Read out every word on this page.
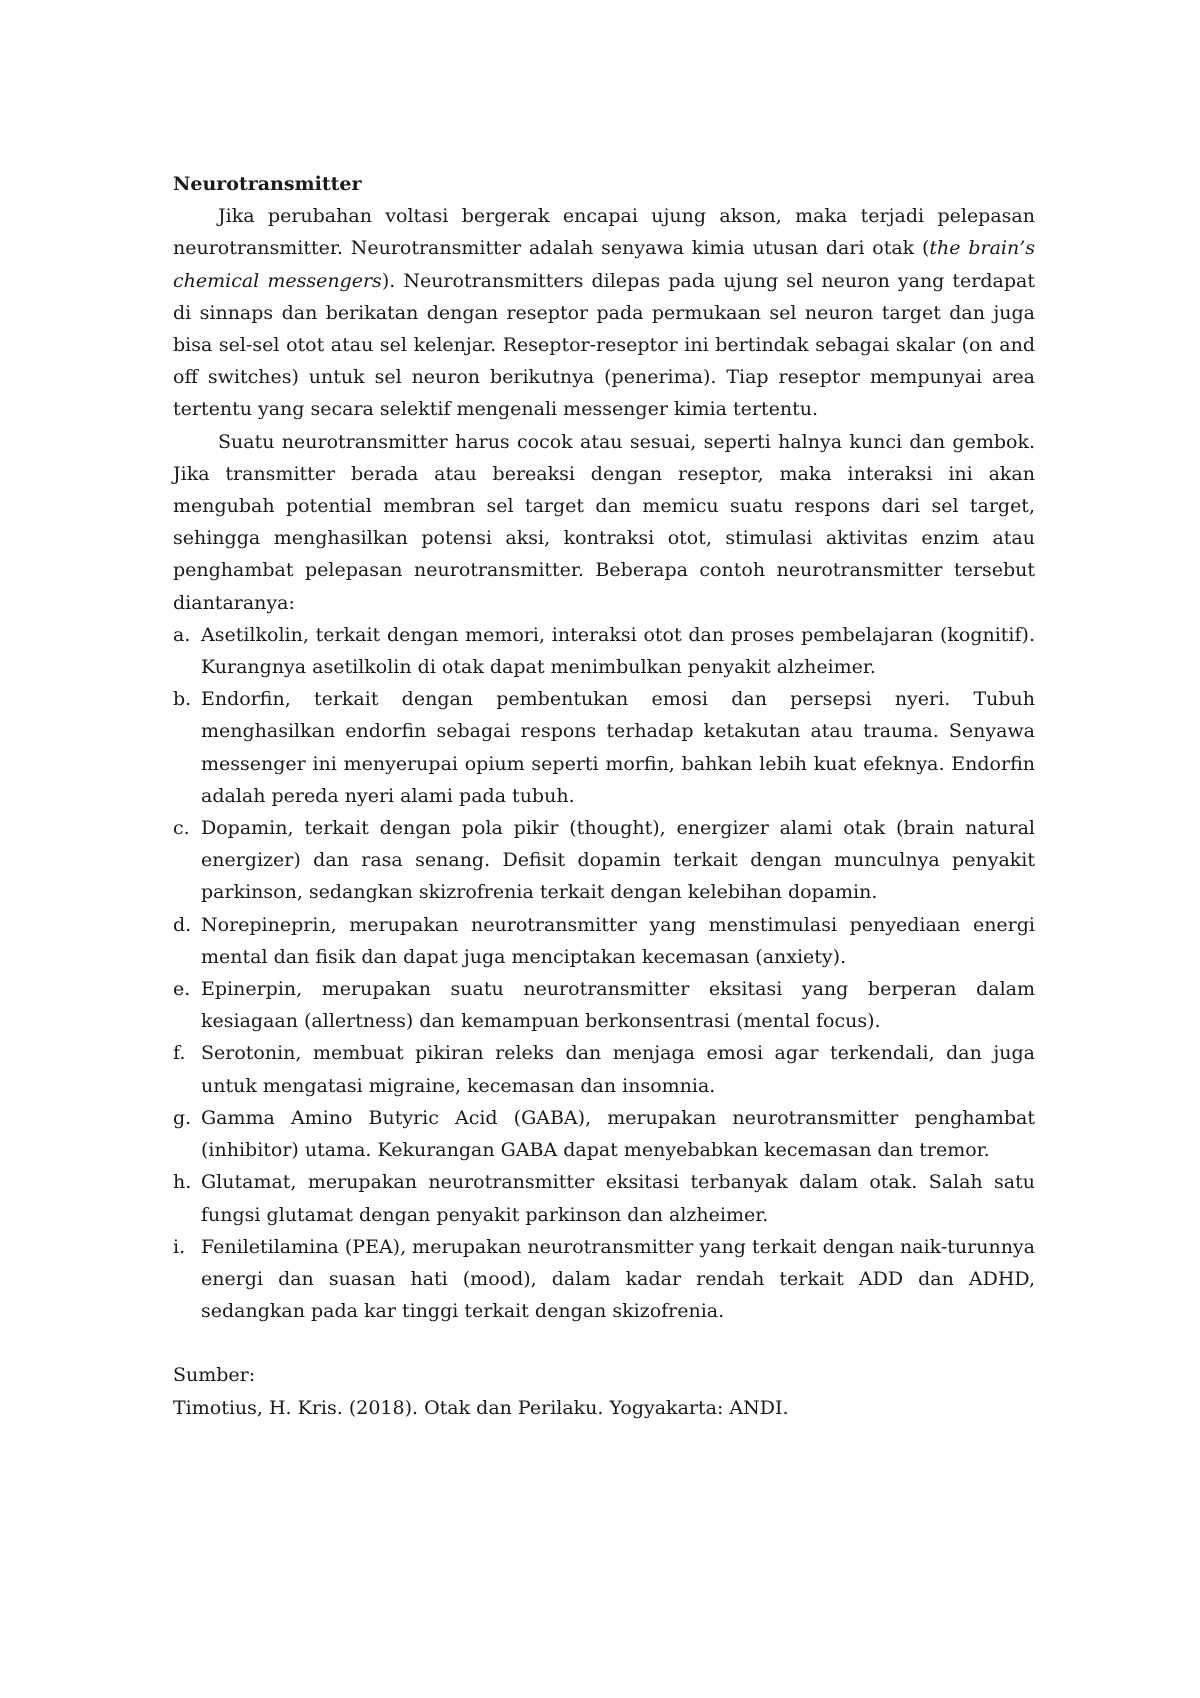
Neurotransmitter

Jika perubahan voltasi bergerak encapai ujung akson, maka terjadi pelepasan neurotransmitter. Neurotransmitter adalah senyawa kimia utusan dari otak (the brain’s chemical messengers). Neurotransmitters dilepas pada ujung sel neuron yang terdapat di sinnaps dan berikatan dengan reseptor pada permukaan sel neuron target dan juga bisa sel-sel otot atau sel kelenjar. Reseptor-reseptor ini bertindak sebagai skalar (on and off switches) untuk sel neuron berikutnya (penerima). Tiap reseptor mempunyai area tertentu yang secara selektif mengenali messenger kimia tertentu.

Suatu neurotransmitter harus cocok atau sesuai, seperti halnya kunci dan gembok. Jika transmitter berada atau bereaksi dengan reseptor, maka interaksi ini akan mengubah potential membran sel target dan memicu suatu respons dari sel target, sehingga menghasilkan potensi aksi, kontraksi otot, stimulasi aktivitas enzim atau penghambat pelepasan neurotransmitter. Beberapa contoh neurotransmitter tersebut diantaranya:

a. Asetilkolin, terkait dengan memori, interaksi otot dan proses pembelajaran (kognitif). Kurangnya asetilkolin di otak dapat menimbulkan penyakit alzheimer.
b. Endorfin, terkait dengan pembentukan emosi dan persepsi nyeri. Tubuh menghasilkan endorfin sebagai respons terhadap ketakutan atau trauma. Senyawa messenger ini menyerupai opium seperti morfin, bahkan lebih kuat efeknya. Endorfin adalah pereda nyeri alami pada tubuh.
c. Dopamin, terkait dengan pola pikir (thought), energizer alami otak (brain natural energizer) dan rasa senang. Defisit dopamin terkait dengan munculnya penyakit parkinson, sedangkan skizrofrenia terkait dengan kelebihan dopamin.
d. Norepineprin, merupakan neurotransmitter yang menstimulasi penyediaan energi mental dan fisik dan dapat juga menciptakan kecemasan (anxiety).
e. Epinerpin, merupakan suatu neurotransmitter eksitasi yang berperan dalam kesiagaan (allertness) dan kemampuan berkonsentrasi (mental focus).
f. Serotonin, membuat pikiran releks dan menjaga emosi agar terkendali, dan juga untuk mengatasi migraine, kecemasan dan insomnia.
g. Gamma Amino Butyric Acid (GABA), merupakan neurotransmitter penghambat (inhibitor) utama. Kekurangan GABA dapat menyebabkan kecemasan dan tremor.
h. Glutamat, merupakan neurotransmitter eksitasi terbanyak dalam otak. Salah satu fungsi glutamat dengan penyakit parkinson dan alzheimer.
i. Feniletilamina (PEA), merupakan neurotransmitter yang terkait dengan naik-turunnya energi dan suasan hati (mood), dalam kadar rendah terkait ADD dan ADHD, sedangkan pada kar tinggi terkait dengan skizofrenia.

Sumber:

Timotius, H. Kris. (2018). Otak dan Perilaku. Yogyakarta: ANDI.
